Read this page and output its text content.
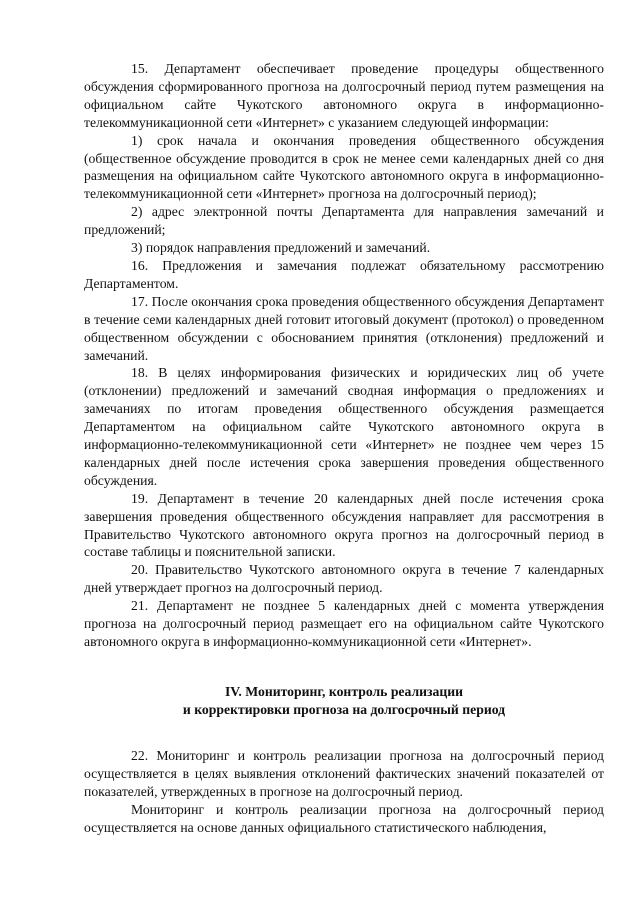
15. Департамент обеспечивает проведение процедуры общественного обсуждения сформированного прогноза на долгосрочный период путем размещения на официальном сайте Чукотского автономного округа в информационно-телекоммуникационной сети «Интернет» с указанием следующей информации:

1) срок начала и окончания проведения общественного обсуждения (общественное обсуждение проводится в срок не менее семи календарных дней со дня размещения на официальном сайте Чукотского автономного округа в информационно-телекоммуникационной сети «Интернет» прогноза на долгосрочный период);

2) адрес электронной почты Департамента для направления замечаний и предложений;

3) порядок направления предложений и замечаний.

16. Предложения и замечания подлежат обязательному рассмотрению Департаментом.

17. После окончания срока проведения общественного обсуждения Департамент в течение семи календарных дней готовит итоговый документ (протокол) о проведенном общественном обсуждении с обоснованием принятия (отклонения) предложений и замечаний.

18. В целях информирования физических и юридических лиц об учете (отклонении) предложений и замечаний сводная информация о предложениях и замечаниях по итогам проведения общественного обсуждения размещается Департаментом на официальном сайте Чукотского автономного округа в информационно-телекоммуникационной сети «Интернет» не позднее чем через 15 календарных дней после истечения срока завершения проведения общественного обсуждения.

19. Департамент в течение 20 календарных дней после истечения срока завершения проведения общественного обсуждения направляет для рассмотрения в Правительство Чукотского автономного округа прогноз на долгосрочный период в составе таблицы и пояснительной записки.

20. Правительство Чукотского автономного округа в течение 7 календарных дней утверждает прогноз на долгосрочный период.

21. Департамент не позднее 5 календарных дней с момента утверждения прогноза на долгосрочный период размещает его на официальном сайте Чукотского автономного округа в информационно-коммуникационной сети «Интернет».

IV. Мониторинг, контроль реализации
и корректировки прогноза на долгосрочный период

22. Мониторинг и контроль реализации прогноза на долгосрочный период осуществляется в целях выявления отклонений фактических значений показателей от показателей, утвержденных в прогнозе на долгосрочный период.

Мониторинг и контроль реализации прогноза на долгосрочный период осуществляется на основе данных официального статистического наблюдения,
